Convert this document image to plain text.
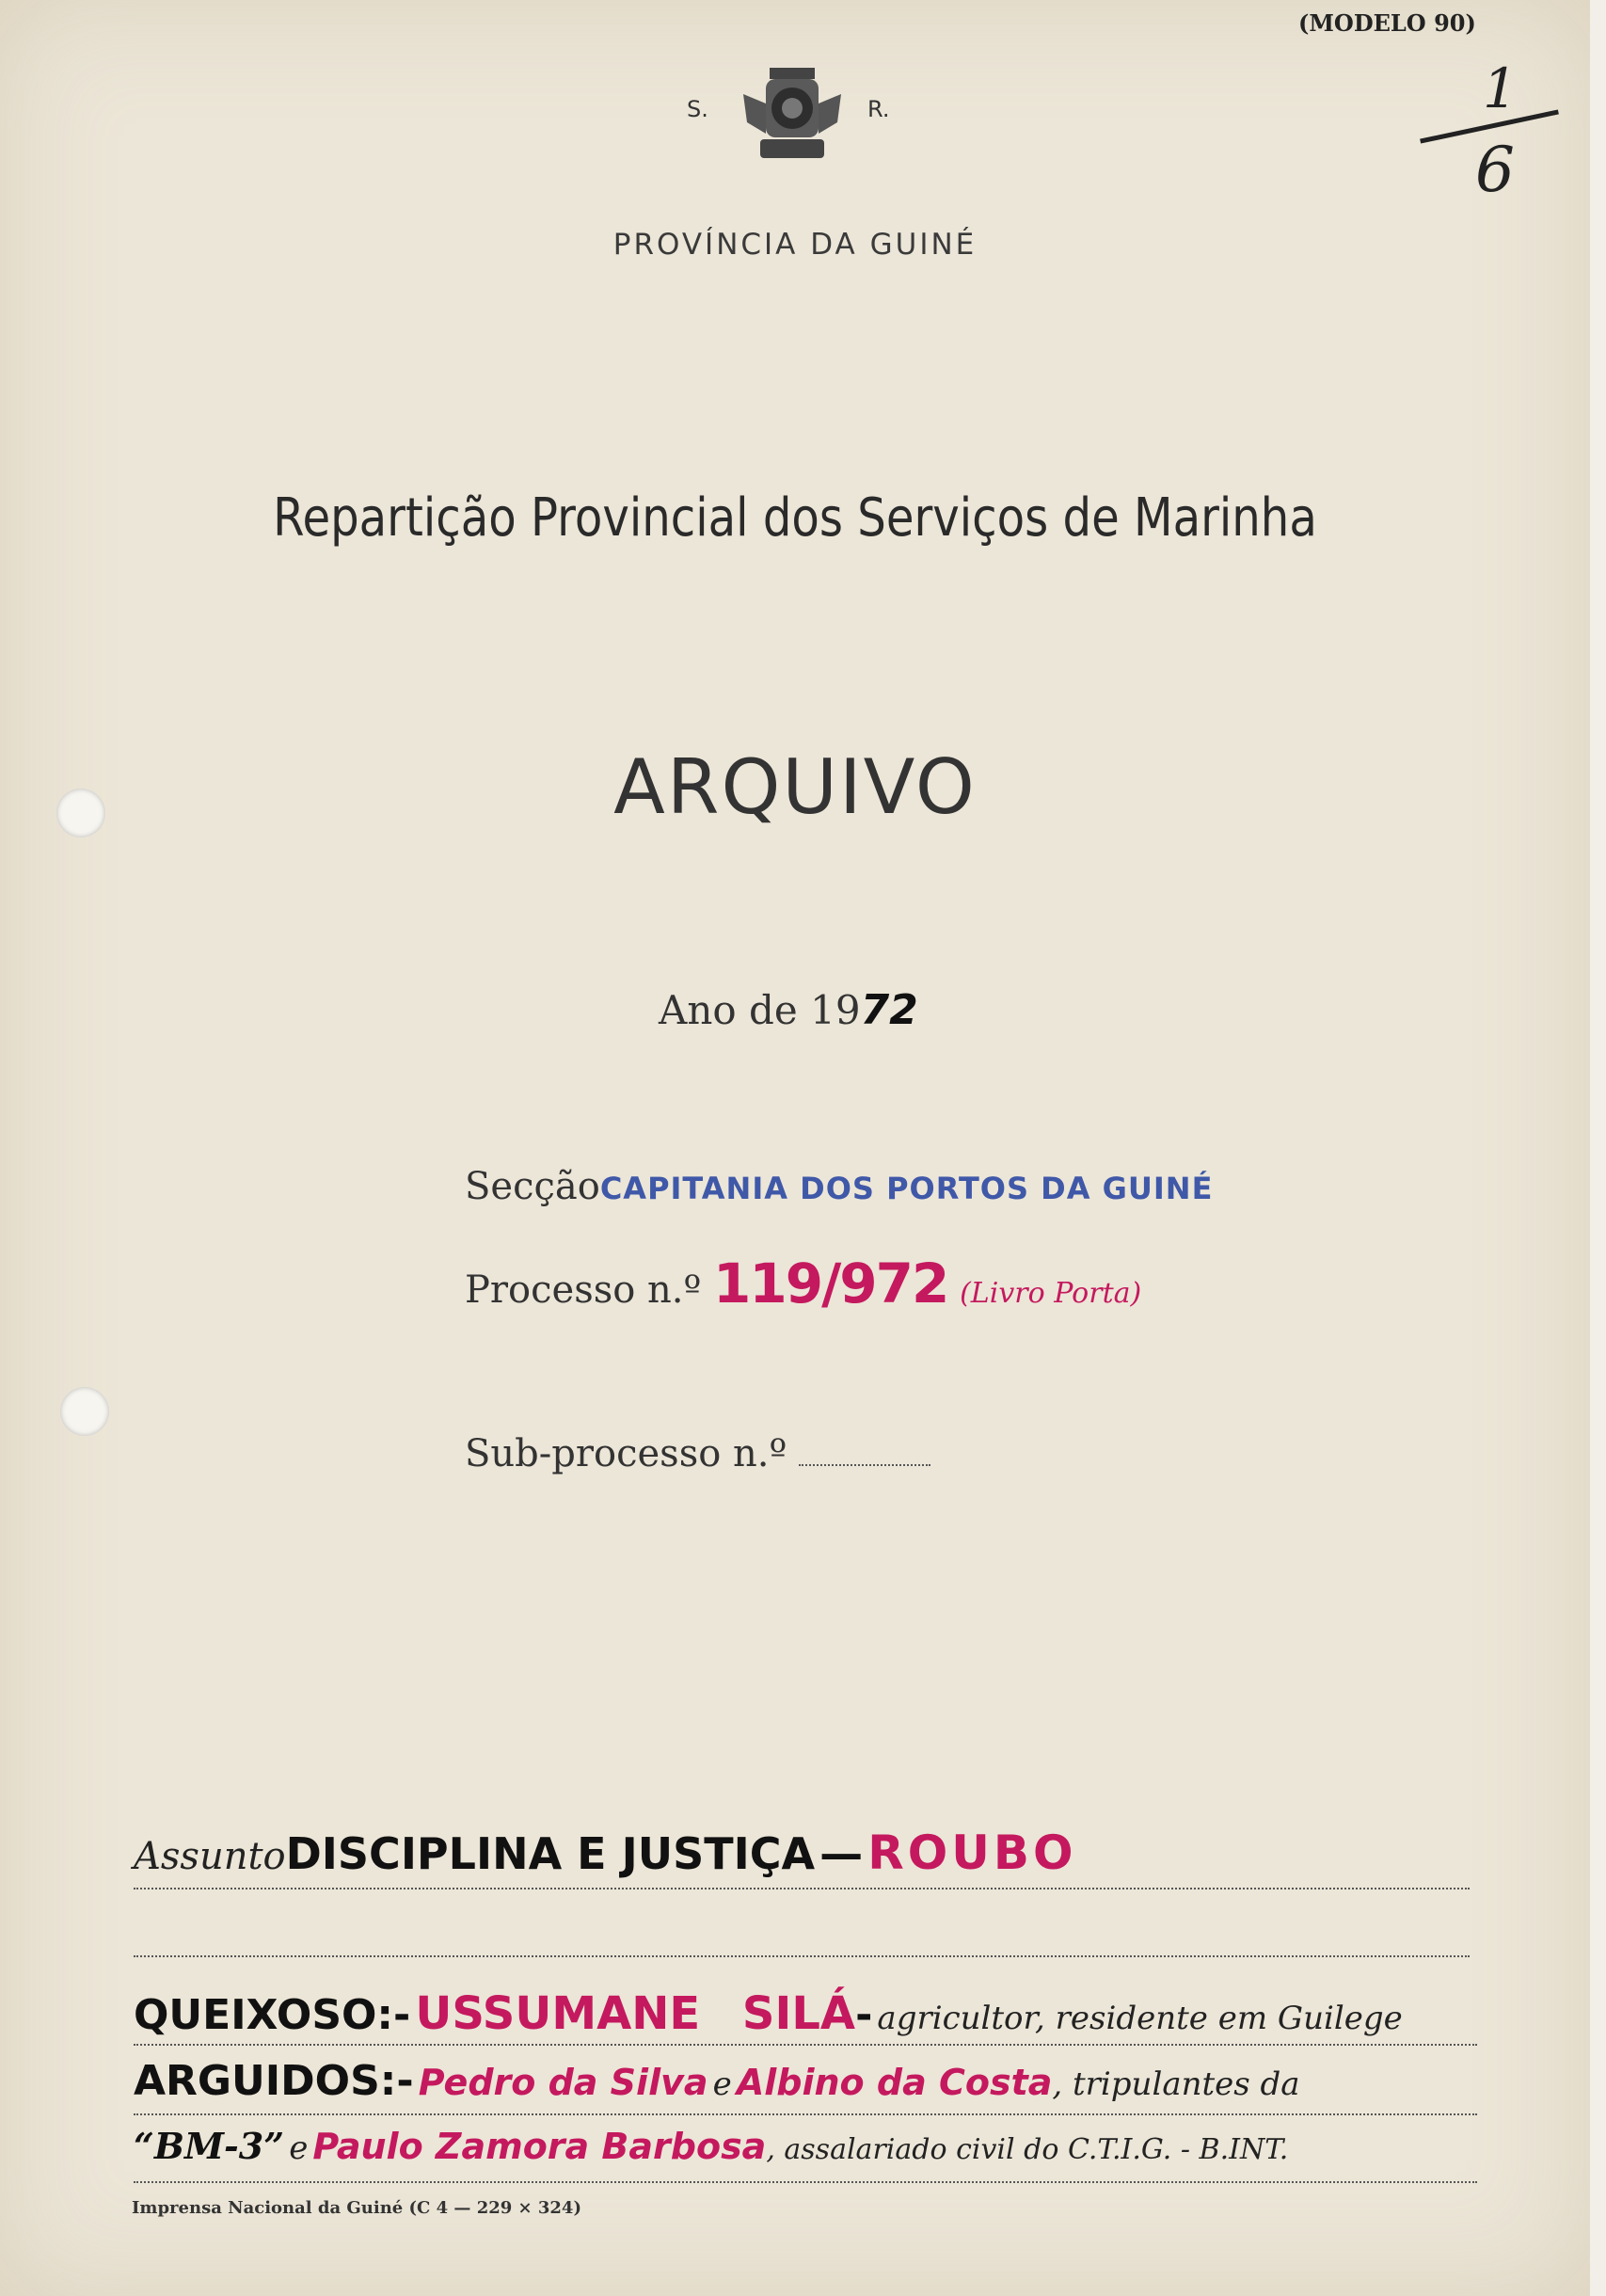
(MODELO 90)
1
6
S.	R.
PROVÍNCIA DA GUINÉ
Repartição Provincial dos Serviços de Marinha
ARQUIVO
Ano de 1972
SecçãoCAPITANIA DOS PORTOS DA GUINÉ
Processo n.º 119/972 (Livro Porta)
Sub-processo n.º
AssuntoDISCIPLINA E JUSTIÇA — ROUBO
QUEIXOSO:- USSUMANE SILÁ- agricultor, residente em Guilege
ARGUIDOS:- Pedro da Silva e Albino da Costa, tripulantes da
“BM-3” e Paulo Zamora Barbosa, assalariado civil do C.T.I.G. - B.INT.
Imprensa Nacional da Guiné (C 4 — 229 × 324)
